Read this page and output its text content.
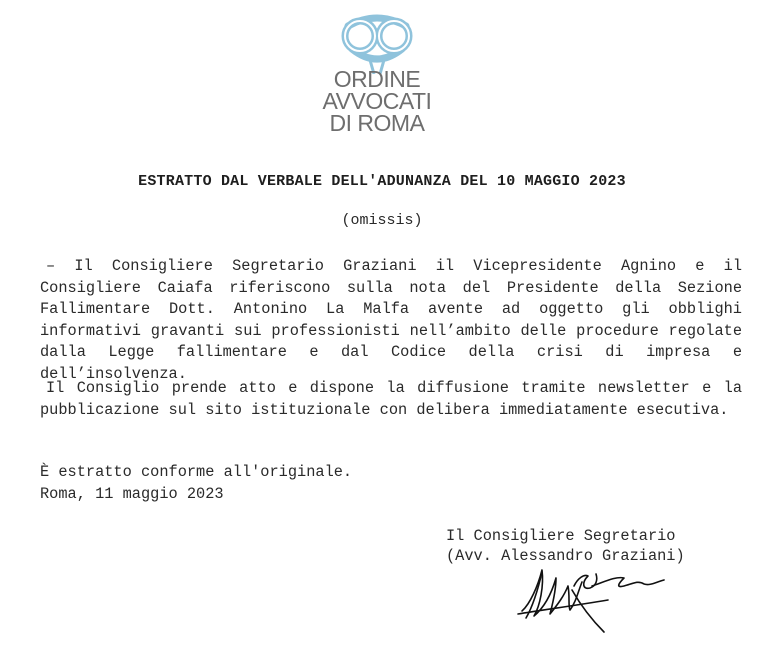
ORDINE
AVVOCATI
DI ROMA
ESTRATTO DAL VERBALE DELL'ADUNANZA DEL 10 MAGGIO 2023
(omissis)
– Il Consigliere Segretario Graziani il Vicepresidente Agnino e il Consigliere Caiafa riferiscono sulla nota del Presidente della Sezione Fallimentare Dott. Antonino La Malfa avente ad oggetto gli obblighi informativi gravanti sui professionisti nell’ambito delle procedure regolate dalla Legge fallimentare e dal Codice della crisi di impresa e dell’insolvenza.
Il Consiglio prende atto e dispone la diffusione tramite newsletter e la pubblicazione sul sito istituzionale con delibera immediatamente esecutiva.
È estratto conforme all'originale.
Roma, 11 maggio 2023
Il Consigliere Segretario
(Avv. Alessandro Graziani)
